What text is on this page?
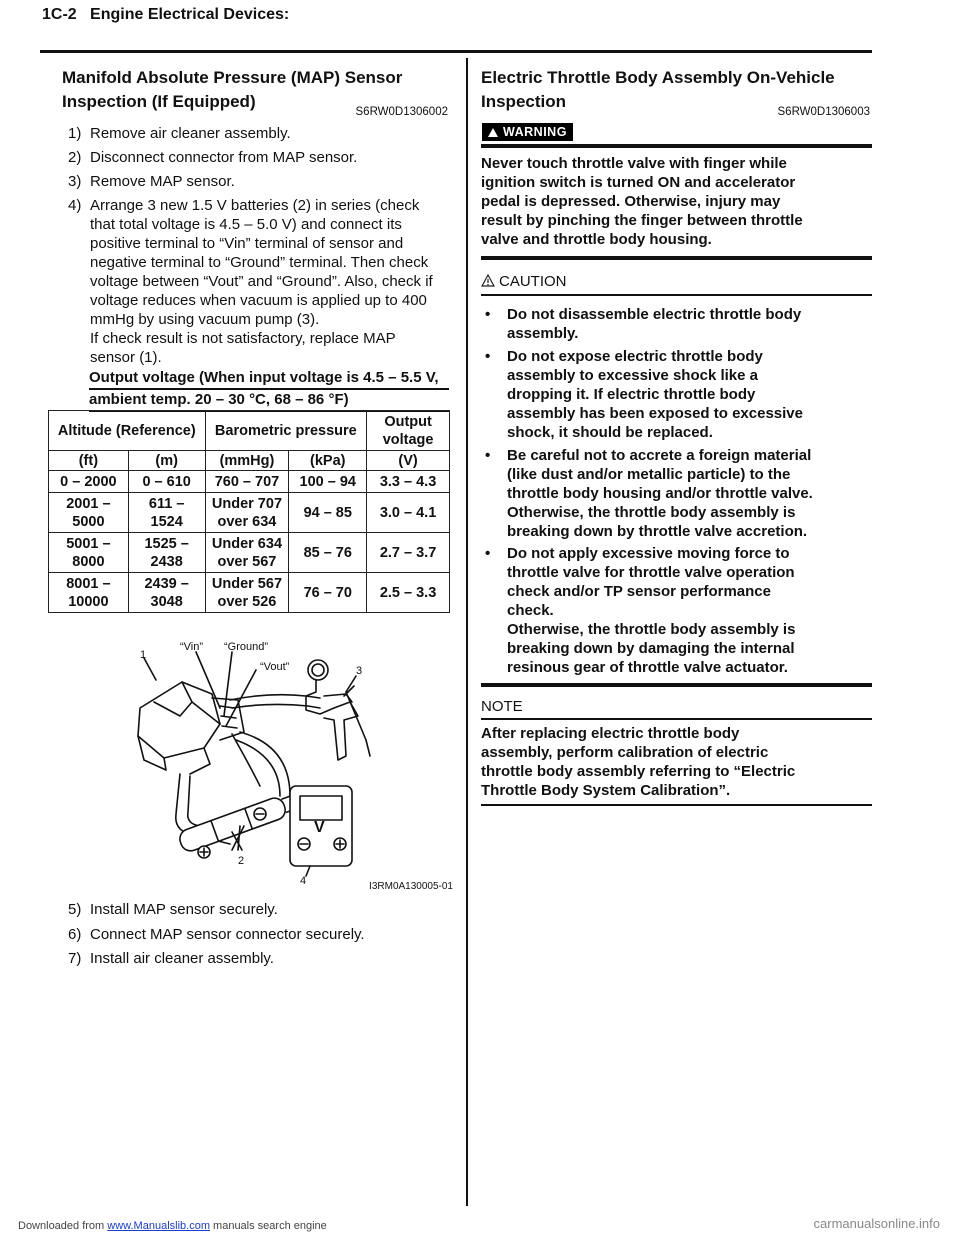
1C-2 Engine Electrical Devices:
Manifold Absolute Pressure (MAP) Sensor
Inspection (If Equipped)
S6RW0D1306002
1) Remove air cleaner assembly.
2) Disconnect connector from MAP sensor.
3) Remove MAP sensor.
4) Arrange 3 new 1.5 V batteries (2) in series (check
that total voltage is 4.5 – 5.0 V) and connect its
positive terminal to “Vin” terminal of sensor and
negative terminal to “Ground” terminal. Then check
voltage between “Vout” and “Ground”. Also, check if
voltage reduces when vacuum is applied up to 400
mmHg by using vacuum pump (3).
If check result is not satisfactory, replace MAP
sensor (1).
Output voltage (When input voltage is 4.5 – 5.5 V,
ambient temp. 20 – 30 °C, 68 – 86 °F)
Altitude (Reference)		Barometric pressure		Output voltage
(ft)	(m)	(mmHg)	(kPa)	(V)
0 – 2000	0 – 610	760 – 707	100 – 94	3.3 – 4.3
2001 – 5000	611 – 1524	Under 707 over 634	94 – 85	3.0 – 4.1
5001 – 8000	1525 – 2438	Under 634 over 567	85 – 76	2.7 – 3.7
8001 – 10000	2439 – 3048	Under 567 over 526	76 – 70	2.5 – 3.3
1
“Vin” “Ground”
“Vout”	3
2
4
V
I3RM0A130005-01
5) Install MAP sensor securely.
6) Connect MAP sensor connector securely.
7) Install air cleaner assembly.
Electric Throttle Body Assembly On-Vehicle
Inspection
S6RW0D1306003
WARNING
Never touch throttle valve with finger while
ignition switch is turned ON and accelerator
pedal is depressed. Otherwise, injury may
result by pinching the finger between throttle
valve and throttle body housing.
CAUTION
• Do not disassemble electric throttle body
assembly.
• Do not expose electric throttle body
assembly to excessive shock like a
dropping it. If electric throttle body
assembly has been exposed to excessive
shock, it should be replaced.
• Be careful not to accrete a foreign material
(like dust and/or metallic particle) to the
throttle body housing and/or throttle valve.
Otherwise, the throttle body assembly is
breaking down by throttle valve accretion.
• Do not apply excessive moving force to
throttle valve for throttle valve operation
check and/or TP sensor performance
check.
Otherwise, the throttle body assembly is
breaking down by damaging the internal
resinous gear of throttle valve actuator.
NOTE
After replacing electric throttle body
assembly, perform calibration of electric
throttle body assembly referring to “Electric
Throttle Body System Calibration”.
Downloaded from www.Manualslib.com manuals search engine	carmanualsonline.info
